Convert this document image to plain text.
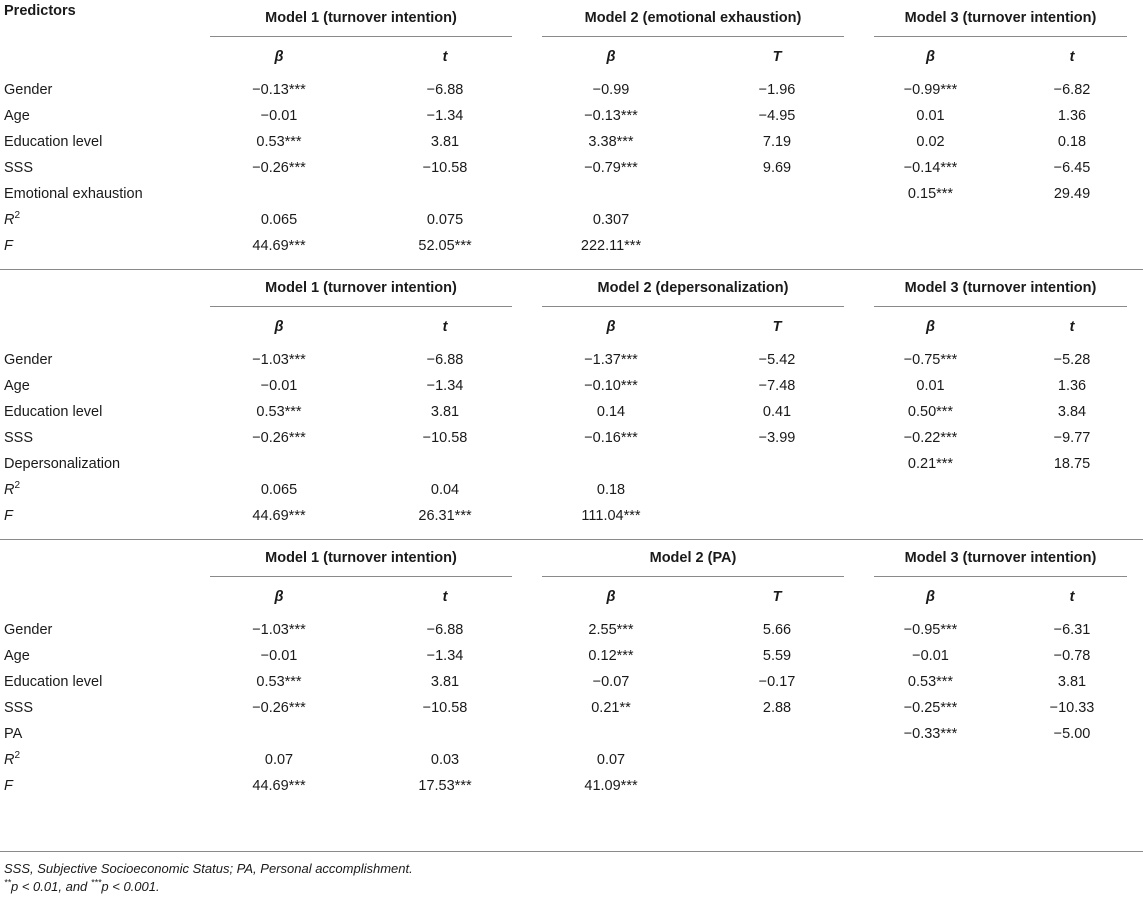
Predictors	Model 1 (turnover intention)		Model 2 (emotional exhaustion)		Model 3 (turnover intention)	

	β	t	β	T	β	t
Gender	−0.13***	−6.88	−0.99	−1.96	−0.99***	−6.82
Age	−0.01	−1.34	−0.13***	−4.95	0.01	1.36
Education level	0.53***	3.81	3.38***	7.19	0.02	0.18
SSS	−0.26***	−10.58	−0.79***	9.69	−0.14***	−6.45
Emotional exhaustion					0.15***	29.49
$R^2$	0.065	0.075	0.307			
F	44.69***	52.05***	222.11***			

	Model 1 (turnover intention)		Model 2 (depersonalization)		Model 3 (turnover intention)	

	β	t	β	T	β	t
Gender	−1.03***	−6.88	−1.37***	−5.42	−0.75***	−5.28
Age	−0.01	−1.34	−0.10***	−7.48	0.01	1.36
Education level	0.53***	3.81	0.14	0.41	0.50***	3.84
SSS	−0.26***	−10.58	−0.16***	−3.99	−0.22***	−9.77
Depersonalization					0.21***	18.75
$R^2$	0.065	0.04	0.18			
F	44.69***	26.31***	111.04***			

	Model 1 (turnover intention)		Model 2 (PA)		Model 3 (turnover intention)	

	β	t	β	T	β	t
Gender	−1.03***	−6.88	2.55***	5.66	−0.95***	−6.31
Age	−0.01	−1.34	0.12***	5.59	−0.01	−0.78
Education level	0.53***	3.81	−0.07	−0.17	0.53***	3.81
SSS	−0.26***	−10.58	0.21**	2.88	−0.25***	−10.33
PA					−0.33***	−5.00
$R^2$	0.07	0.03	0.07			
F	44.69***	17.53***	41.09***			
SSS, Subjective Socioeconomic Status; PA, Personal accomplishment.
**p < 0.01, and ***p < 0.001.
